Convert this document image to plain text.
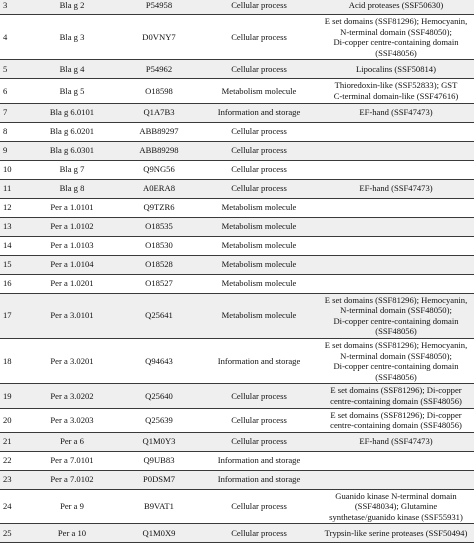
3	Bla g 2	P54958	Cellular process	Acid proteases (SSF50630)

4	Bla g 3	D0VNY7	Cellular process	E set domains (SSF81296); Hemocyanin,
N-terminal domain (SSF48050);
Di-copper centre-containing domain
(SSF48056)

5	Bla g 4	P54962	Cellular process	Lipocalins (SSF50814)

6	Bla g 5	O18598	Metabolism molecule	Thioredoxin-like (SSF52833); GST
C-terminal domain-like (SSF47616)

7	Bla g 6.0101	Q1A7B3	Information and storage	EF-hand (SSF47473)

8	Bla g 6.0201	ABB89297	Cellular process	

9	Bla g 6.0301	ABB89298	Cellular process	

10	Bla g 7	Q9NG56	Cellular process	

11	Bla g 8	A0ERA8	Cellular process	EF-hand (SSF47473)

12	Per a 1.0101	Q9TZR6	Metabolism molecule	

13	Per a 1.0102	O18535	Metabolism molecule	

14	Per a 1.0103	O18530	Metabolism molecule	

15	Per a 1.0104	O18528	Metabolism molecule	

16	Per a 1.0201	O18527	Metabolism molecule	

17	Per a 3.0101	Q25641	Metabolism molecule	E set domains (SSF81296); Hemocyanin,
N-terminal domain (SSF48050);
Di-copper centre-containing domain
(SSF48056)

18	Per a 3.0201	Q94643	Information and storage	E set domains (SSF81296); Hemocyanin,
N-terminal domain (SSF48050);
Di-copper centre-containing domain
(SSF48056)

19	Per a 3.0202	Q25640	Cellular process	E set domains (SSF81296); Di-copper
centre-containing domain (SSF48056)

20	Per a 3.0203	Q25639	Cellular process	E set domains (SSF81296); Di-copper
centre-containing domain (SSF48056)

21	Per a 6	Q1M0Y3	Cellular process	EF-hand (SSF47473)

22	Per a 7.0101	Q9UB83	Information and storage	

23	Per a 7.0102	P0DSM7	Information and storage	

24	Per a 9	B9VAT1	Cellular process	Guanido kinase N-terminal domain
(SSF48034); Glutamine
synthetase/guanido kinase (SSF55931)

25	Per a 10	Q1M0X9	Cellular process	Trypsin-like serine proteases (SSF50494)
